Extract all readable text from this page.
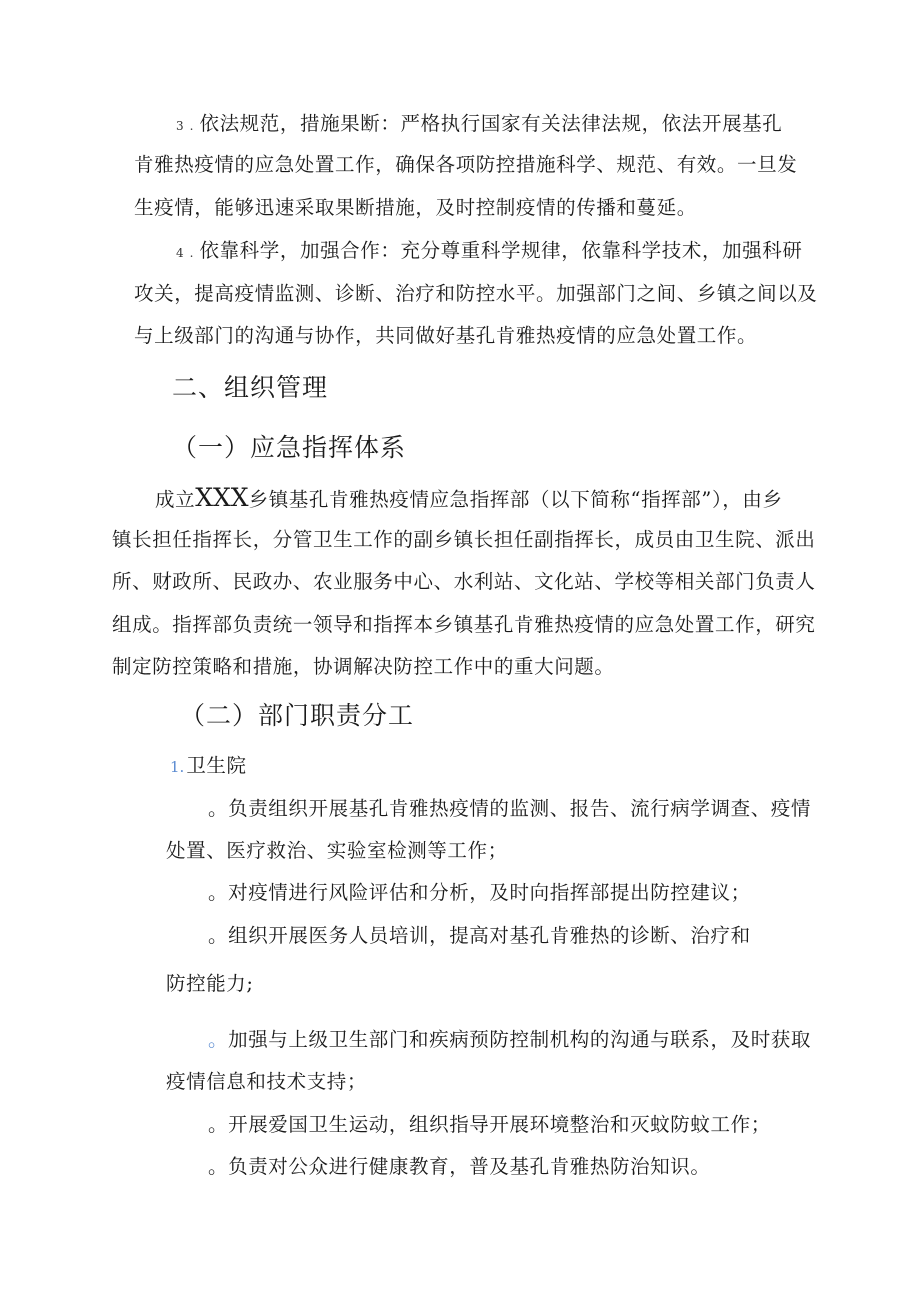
3 . 依法规范，措施果断：严格执行国家有关法律法规，依法开展基孔
肯雅热疫情的应急处置工作，确保各项防控措施科学、规范、有效。一旦发
生疫情，能够迅速采取果断措施，及时控制疫情的传播和蔓延。
4 . 依靠科学，加强合作：充分尊重科学规律，依靠科学技术，加强科研
攻关，提高疫情监测、诊断、治疗和防控水平。加强部门之间、乡镇之间以及
与上级部门的沟通与协作，共同做好基孔肯雅热疫情的应急处置工作。
二、组织管理
（一）应急指挥体系
成立XXX乡镇基孔肯雅热疫情应急指挥部（以下简称“指挥部”），由乡
镇长担任指挥长，分管卫生工作的副乡镇长担任副指挥长，成员由卫生院、派出
所、财政所、民政办、农业服务中心、水利站、文化站、学校等相关部门负责人
组成。指挥部负责统一领导和指挥本乡镇基孔肯雅热疫情的应急处置工作，研究
制定防控策略和措施，协调解决防控工作中的重大问题。
（二）部门职责分工
1. 卫生院
。负责组织开展基孔肯雅热疫情的监测、报告、流行病学调查、疫情
处置、医疗救治、实验室检测等工作；
。对疫情进行风险评估和分析，及时向指挥部提出防控建议；
。组织开展医务人员培训，提高对基孔肯雅热的诊断、治疗和
防控能力;
。加强与上级卫生部门和疾病预防控制机构的沟通与联系，及时获取
疫情信息和技术支持；
。开展爱国卫生运动，组织指导开展环境整治和灭蚊防蚊工作；
。负责对公众进行健康教育，普及基孔肯雅热防治知识。
